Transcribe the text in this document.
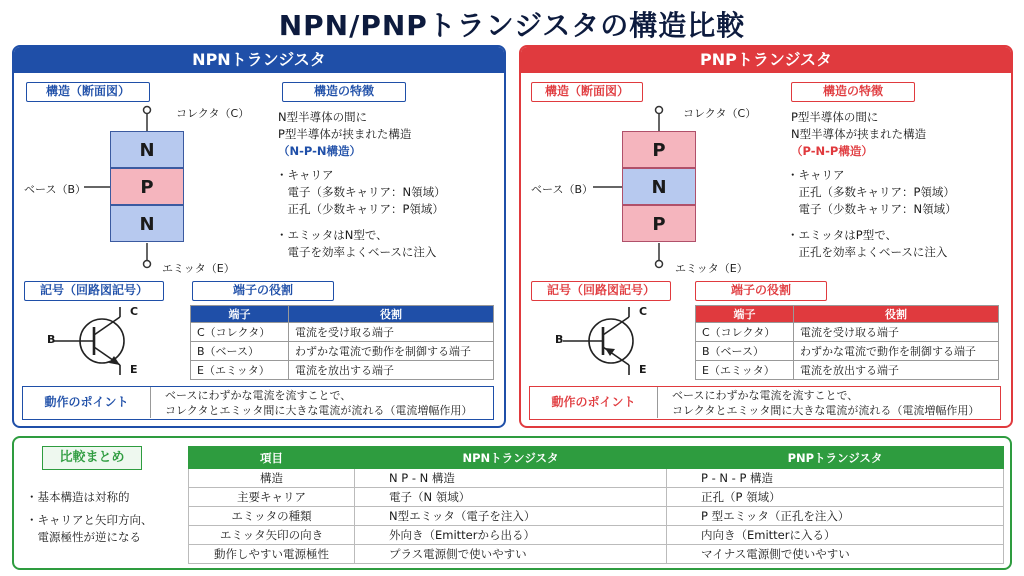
NPN/PNPトランジスタの構造比較
NPNトランジスタ
構造（断面図）	構造の特徴
N
P
N
コレクタ（C）
ベース（B）
エミッタ（E）
N型半導体の間に
P型半導体が挟まれた構造
（N-P-N構造）
・キャリア
　電子（多数キャリア：N領域）
　正孔（少数キャリア：P領域）
・エミッタはN型で、
　電子を効率よくベースに注入
記号（回路図記号）
B
C
E
端子の役割
端子	役割
C（コレクタ）	電流を受け取る端子
B（ベース）	わずかな電流で動作を制御する端子
E（エミッタ）	電流を放出する端子
動作のポイント	ベースにわずかな電流を流すことで、
コレクタとエミッタ間に大きな電流が流れる（電流増幅作用）
PNPトランジスタ
構造（断面図）	構造の特徴
P
N
P
コレクタ（C）
ベース（B）
エミッタ（E）
P型半導体の間に
N型半導体が挟まれた構造
（P-N-P構造）
・キャリア
　正孔（多数キャリア：P領域）
　電子（少数キャリア：N領域）
・エミッタはP型で、
　正孔を効率よくベースに注入
記号（回路図記号）
B
C
E
端子の役割
端子	役割
C（コレクタ）	電流を受け取る端子
B（ベース）	わずかな電流で動作を制御する端子
E（エミッタ）	電流を放出する端子
動作のポイント	ベースにわずかな電流を流すことで、
コレクタとエミッタ間に大きな電流が流れる（電流増幅作用）
比較まとめ
・基本構造は対称的
・キャリアと矢印方向、
　電源極性が逆になる
項目	NPNトランジスタ	PNPトランジスタ
構造	N P - N 構造	P - N - P 構造
主要キャリア	電子（N 領域）	正孔（P 領域）
エミッタの種類	N型エミッタ（電子を注入）	P 型エミッタ（正孔を注入）
エミッタ矢印の向き	外向き（Emitterから出る）	内向き（Emitterに入る）
動作しやすい電源極性	プラス電源側で使いやすい	マイナス電源側で使いやすい
